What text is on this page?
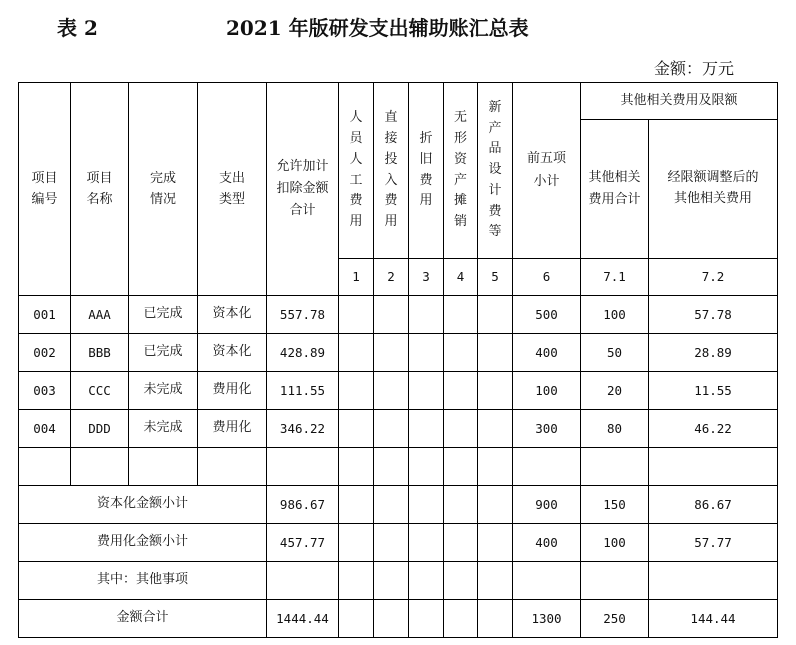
表 2	2021 年版研发支出辅助账汇总表
金额：万元
项目编号	项目名称	完成情况	支出类型	允许加计扣除金额合计	人员人工费用	直接投入费用	折旧费用	无形资产摊销	新产品设计费等	前五项小计	其他相关费用及限额	
											其他相关费用合计	经限额调整后的其他相关费用
					1	2	3	4	5	6	7.1	7.2
001	AAA	已完成	资本化	557.78						500	100	57.78
002	BBB	已完成	资本化	428.89						400	50	28.89
003	CCC	未完成	费用化	111.55						100	20	11.55
004	DDD	未完成	费用化	346.22						300	80	46.22

资本化金额小计				986.67						900	150	86.67
费用化金额小计				457.77						400	100	57.77
其中：其他事项												
金额合计				1444.44						1300	250	144.44
